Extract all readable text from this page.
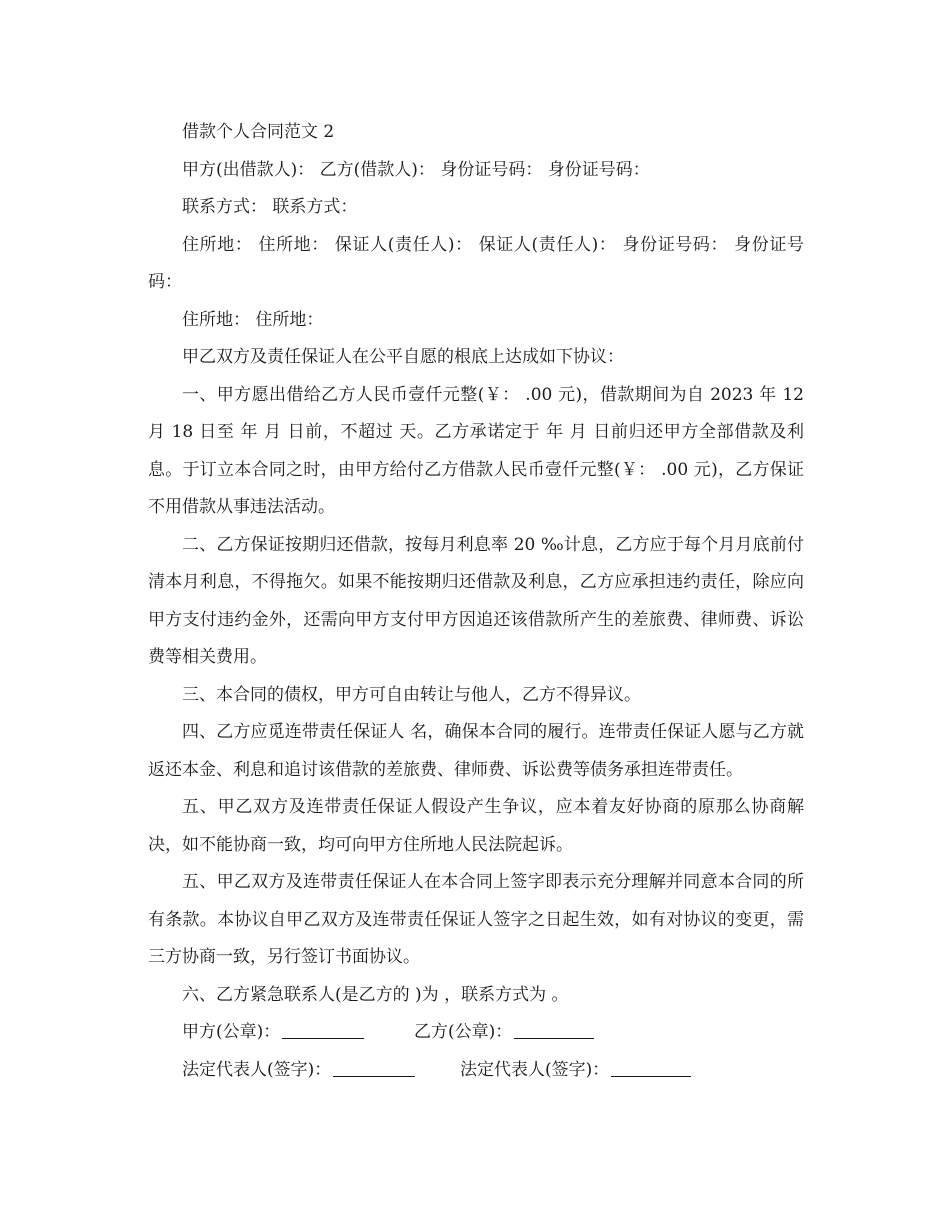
借款个人合同范文 2

甲方(出借款人)： 乙方(借款人)： 身份证号码： 身份证号码：

联系方式： 联系方式：

住所地： 住所地： 保证人(责任人)： 保证人(责任人)： 身份证号码： 身份证号码：

住所地： 住所地：

甲乙双方及责任保证人在公平自愿的根底上达成如下协议：

一、甲方愿出借给乙方人民币壹仟元整(￥： .00 元)，借款期间为自 2023 年 12 月 18 日至 年 月 日前，不超过 天。乙方承诺定于 年 月 日前归还甲方全部借款及利息。于订立本合同之时，由甲方给付乙方借款人民币壹仟元整(￥： .00 元)，乙方保证不用借款从事违法活动。

二、乙方保证按期归还借款，按每月利息率 20 ‰计息，乙方应于每个月月底前付清本月利息，不得拖欠。如果不能按期归还借款及利息，乙方应承担违约责任，除应向甲方支付违约金外，还需向甲方支付甲方因追还该借款所产生的差旅费、律师费、诉讼费等相关费用。

三、本合同的债权，甲方可自由转让与他人，乙方不得异议。

四、乙方应觅连带责任保证人 名，确保本合同的履行。连带责任保证人愿与乙方就返还本金、利息和追讨该借款的差旅费、律师费、诉讼费等债务承担连带责任。

五、甲乙双方及连带责任保证人假设产生争议，应本着友好协商的原那么协商解决，如不能协商一致，均可向甲方住所地人民法院起诉。

五、甲乙双方及连带责任保证人在本合同上签字即表示充分理解并同意本合同的所有条款。本协议自甲乙双方及连带责任保证人签字之日起生效，如有对协议的变更，需三方协商一致，另行签订书面协议。

六、乙方紧急联系人(是乙方的 )为 ，联系方式为 。

甲方(公章)：	乙方(公章)：
法定代表人(签字)：	法定代表人(签字)：
